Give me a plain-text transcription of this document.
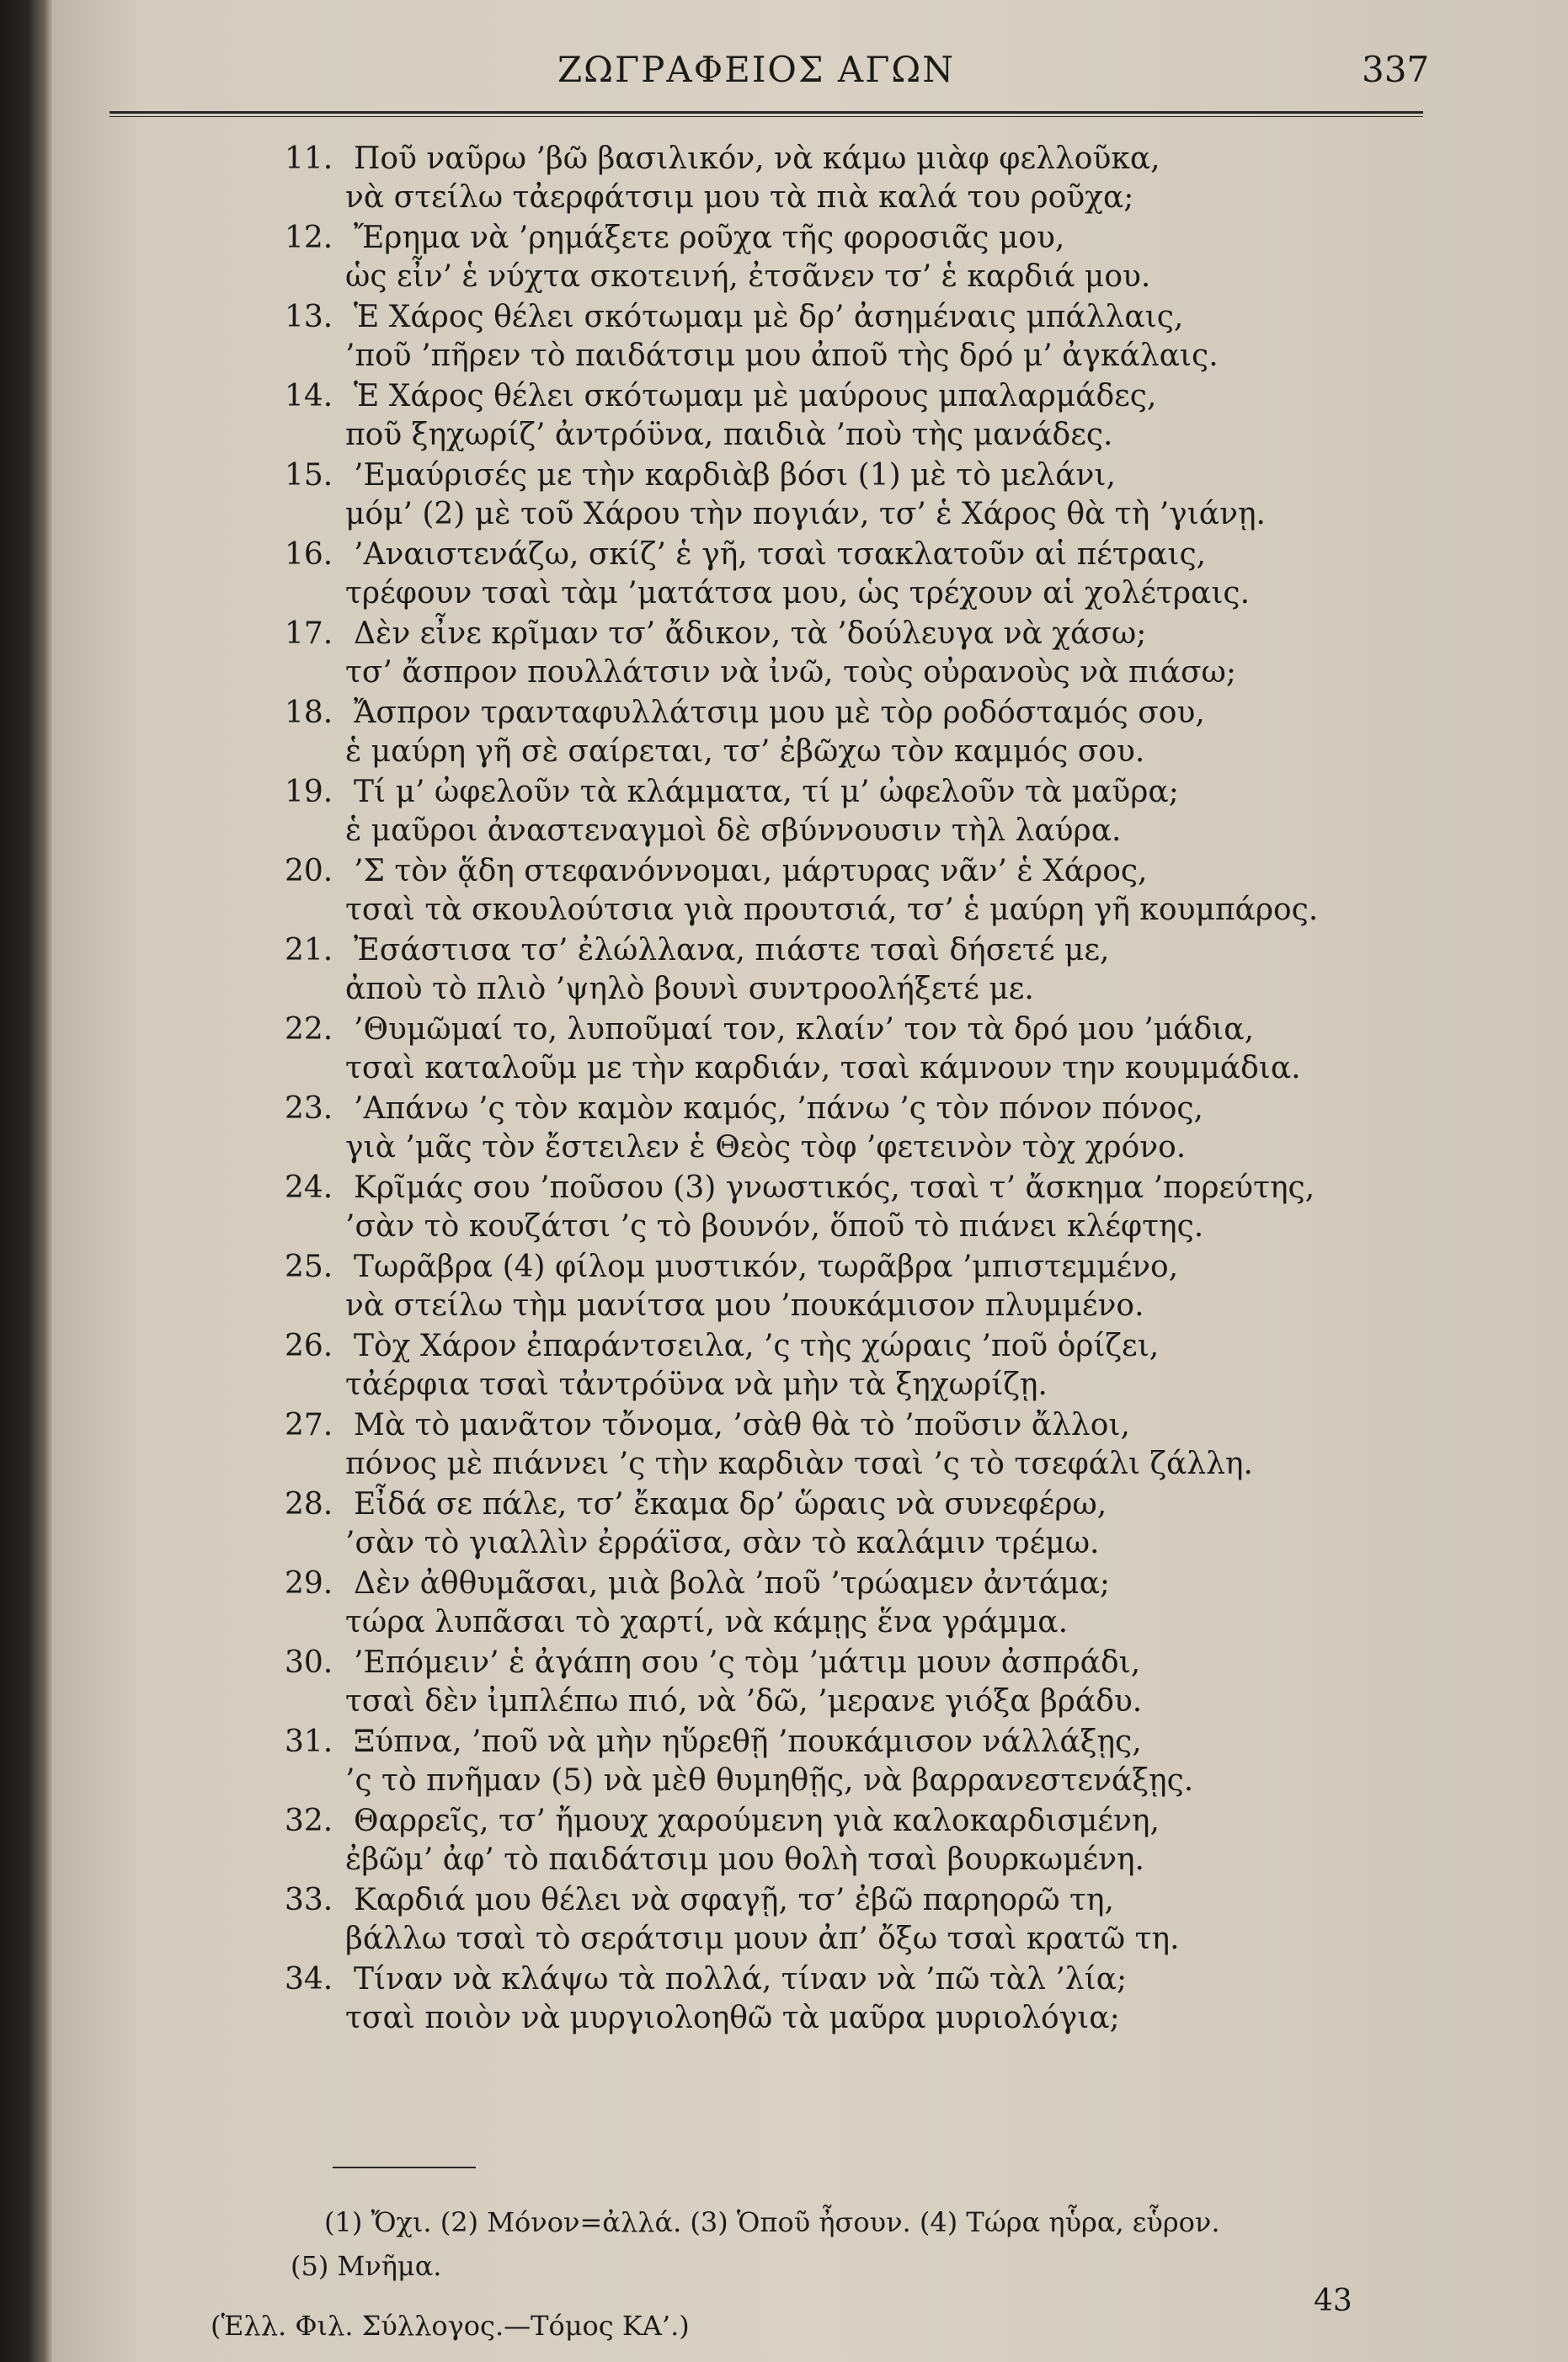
ΖΩΓΡΑΦΕΙΟΣ ΑΓΩΝ	337
11. Ποῦ ναῦρω ’βῶ βασιλικόν, νὰ κάμω μιὰφ φελλοῦκα,
νὰ στείλω τἀερφάτσιμ μου τὰ πιὰ καλά του ροῦχα;
12. Ἔρημα νὰ ’ρημάξετε ροῦχα τῆς φοροσιᾶς μου,
ὡς εἶν’ ἑ νύχτα σκοτεινή, ἐτσᾶνεν τσ’ ἑ καρδιά μου.
13. Ἑ Χάρος θέλει σκότωμαμ μὲ δρ’ ἀσημέναις μπάλλαις,
’ποῦ ’πῆρεν τὸ παιδάτσιμ μου ἀποῦ τὴς δρό μ’ ἀγκάλαις.
14. Ἑ Χάρος θέλει σκότωμαμ μὲ μαύρους μπαλαρμάδες,
ποῦ ξηχωρίζ’ ἀντρόϋνα, παιδιὰ ’ποὺ τὴς μανάδες.
15. ’Εμαύρισές με τὴν καρδιὰβ βόσι (1) μὲ τὸ μελάνι,
μόμ’ (2) μὲ τοῦ Χάρου τὴν πογιάν, τσ’ ἑ Χάρος θὰ τὴ ’γιάνῃ.
16. ’Αναιστενάζω, σκίζ’ ἑ γῆ, τσαὶ τσακλατοῦν αἱ πέτραις,
τρέφουν τσαὶ τὰμ ’ματάτσα μου, ὡς τρέχουν αἱ χολέτραις.
17. Δὲν εἶνε κρῖμαν τσ’ ἄδικον, τὰ ’δούλευγα νὰ χάσω;
τσ’ ἄσπρον πουλλάτσιν νὰ ἰνῶ, τοὺς οὐρανοὺς νὰ πιάσω;
18. Ἄσπρον τρανταφυλλάτσιμ μου μὲ τὸρ ροδόσταμός σου,
ἑ μαύρη γῆ σὲ σαίρεται, τσ’ ἐβῶχω τὸν καμμός σου.
19. Τί μ’ ὠφελοῦν τὰ κλάμματα, τί μ’ ὠφελοῦν τὰ μαῦρα;
ἑ μαῦροι ἀναστεναγμοὶ δὲ σβύννουσιν τὴλ λαύρα.
20. ’Σ τὸν ᾅδη στεφανόννομαι, μάρτυρας νᾶν’ ἑ Χάρος,
τσαὶ τὰ σκουλούτσια γιὰ προυτσιά, τσ’ ἑ μαύρη γῆ κουμπάρος.
21. Ἐσάστισα τσ’ ἐλώλλανα, πιάστε τσαὶ δήσετέ με,
ἀποὺ τὸ πλιὸ ’ψηλὸ βουνὶ συντροολήξετέ με.
22. ’Θυμῶμαί το, λυποῦμαί τον, κλαίν’ τον τὰ δρό μου ’μάδια,
τσαὶ καταλοῦμ με τὴν καρδιάν, τσαὶ κάμνουν την κουμμάδια.
23. ’Απάνω ’ς τὸν καμὸν καμός, ’πάνω ’ς τὸν πόνον πόνος,
γιὰ ’μᾶς τὸν ἔστειλεν ἑ Θεὸς τὸφ ’φετεινὸν τὸχ χρόνο.
24. Κρῖμάς σου ’ποῦσου (3) γνωστικός, τσαὶ τ’ ἄσκημα ’πορεύτης,
’σὰν τὸ κουζάτσι ’ς τὸ βουνόν, ὅποῦ τὸ πιάνει κλέφτης.
25. Τωρᾶβρα (4) φίλομ μυστικόν, τωρᾶβρα ’μπιστεμμένο,
νὰ στείλω τὴμ μανίτσα μου ’πουκάμισον πλυμμένο.
26. Τὸχ Χάρον ἐπαράντσειλα, ’ς τὴς χώραις ’ποῦ ὁρίζει,
τἀέρφια τσαὶ τἀντρόϋνα νὰ μὴν τὰ ξηχωρίζῃ.
27. Μὰ τὸ μανᾶτον τὄνομα, ’σὰθ θὰ τὸ ’ποῦσιν ἄλλοι,
πόνος μὲ πιάννει ’ς τὴν καρδιὰν τσαὶ ’ς τὸ τσεφάλι ζάλλη.
28. Εἶδά σε πάλε, τσ’ ἔκαμα δρ’ ὥραις νὰ συνεφέρω,
’σὰν τὸ γιαλλὶν ἐρράϊσα, σὰν τὸ καλάμιν τρέμω.
29. Δὲν ἀθθυμᾶσαι, μιὰ βολὰ ’ποῦ ’τρώαμεν ἀντάμα;
τώρα λυπᾶσαι τὸ χαρτί, νὰ κάμῃς ἕνα γράμμα.
30. ’Επόμειν’ ἑ ἀγάπη σου ’ς τὸμ ’μάτιμ μουν ἀσπράδι,
τσαὶ δὲν ἰμπλέπω πιό, νὰ ’δῶ, ’μερανε γιόξα βράδυ.
31. Ξύπνα, ’ποῦ νὰ μὴν ηὕρεθῇ ’πουκάμισον νάλλάξῃς,
’ς τὸ πνῆμαν (5) νὰ μὲθ θυμηθῇς, νὰ βαρρανεστενάξῃς.
32. Θαρρεῖς, τσ’ ἤμουχ χαρούμενη γιὰ καλοκαρδισμένη,
ἐβῶμ’ ἀφ’ τὸ παιδάτσιμ μου θολὴ τσαὶ βουρκωμένη.
33. Καρδιά μου θέλει νὰ σφαγῇ, τσ’ ἐβῶ παρηορῶ τη,
βάλλω τσαὶ τὸ σεράτσιμ μουν ἀπ’ ὄξω τσαὶ κρατῶ τη.
34. Τίναν νὰ κλάψω τὰ πολλά, τίναν νὰ ’πῶ τὰλ ’λία;
τσαὶ ποιὸν νὰ μυργιολοηθῶ τὰ μαῦρα μυριολόγια;
(1) Ὄχι. (2) Μόνον=ἀλλά. (3) Ὁποῦ ἦσουν. (4) Τώρα ηὗρα, εὗρον.
(5) Μνῆμα.
(Ἑλλ. Φιλ. Σύλλογος.—Τόμος ΚΑ’.)
43
